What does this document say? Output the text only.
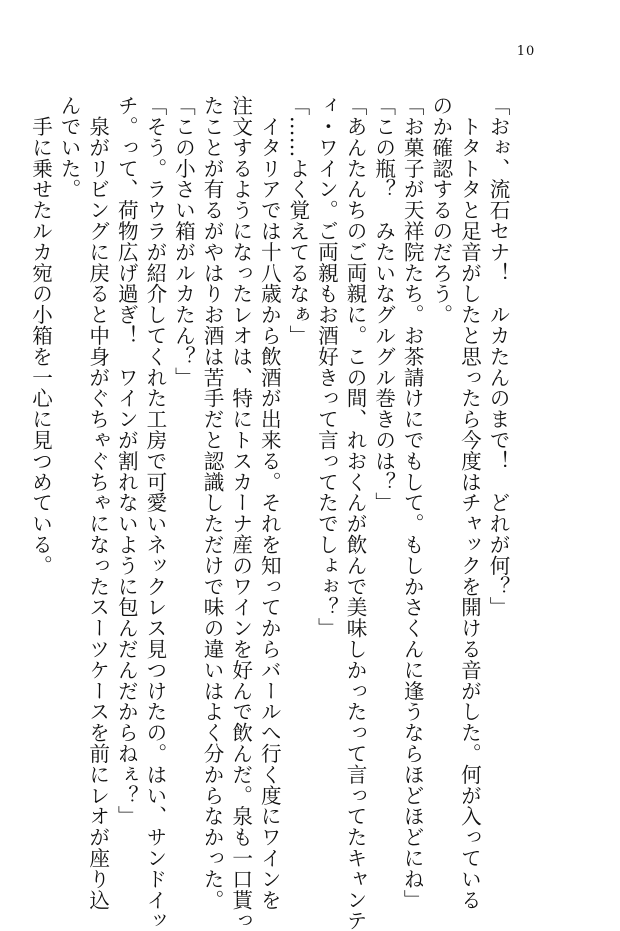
10
「おぉ、流石セナ！　ルカたんのまで！　どれが何？」
　トタトタと足音がしたと思ったら今度はチャックを開ける音がした。何が入っている
のか確認するのだろう。
「お菓子が天祥院たち。お茶請けにでもして。もしかさくんに逢うならほどほどにね」
「この瓶？　みたいなグルグル巻きのは？」
「あんたんちのご両親に。この間、れおくんが飲んで美味しかったって言ってたキャンテ
ィ・ワイン。ご両親もお酒好きって言ってたでしょぉ？」
「……よく覚えてるなぁ」
　イタリアでは十八歳から飲酒が出来る。それを知ってからバールへ行く度にワインを
注文するようになったレオは、特にトスカーナ産のワインを好んで飲んだ。泉も一口貰っ
たことが有るがやはりお酒は苦手だと認識しただけで味の違いはよく分からなかった。
「この小さい箱がルカたん？」
「そう。ラウラが紹介してくれた工房で可愛いネックレス見つけたの。はい、サンドイッ
チ。って、荷物広げ過ぎ！　ワインが割れないように包んだんだからねぇ？」
　泉がリビングに戻ると中身がぐちゃぐちゃになったスーツケースを前にレオが座り込
んでいた。
　手に乗せたルカ宛の小箱を一心に見つめている。
